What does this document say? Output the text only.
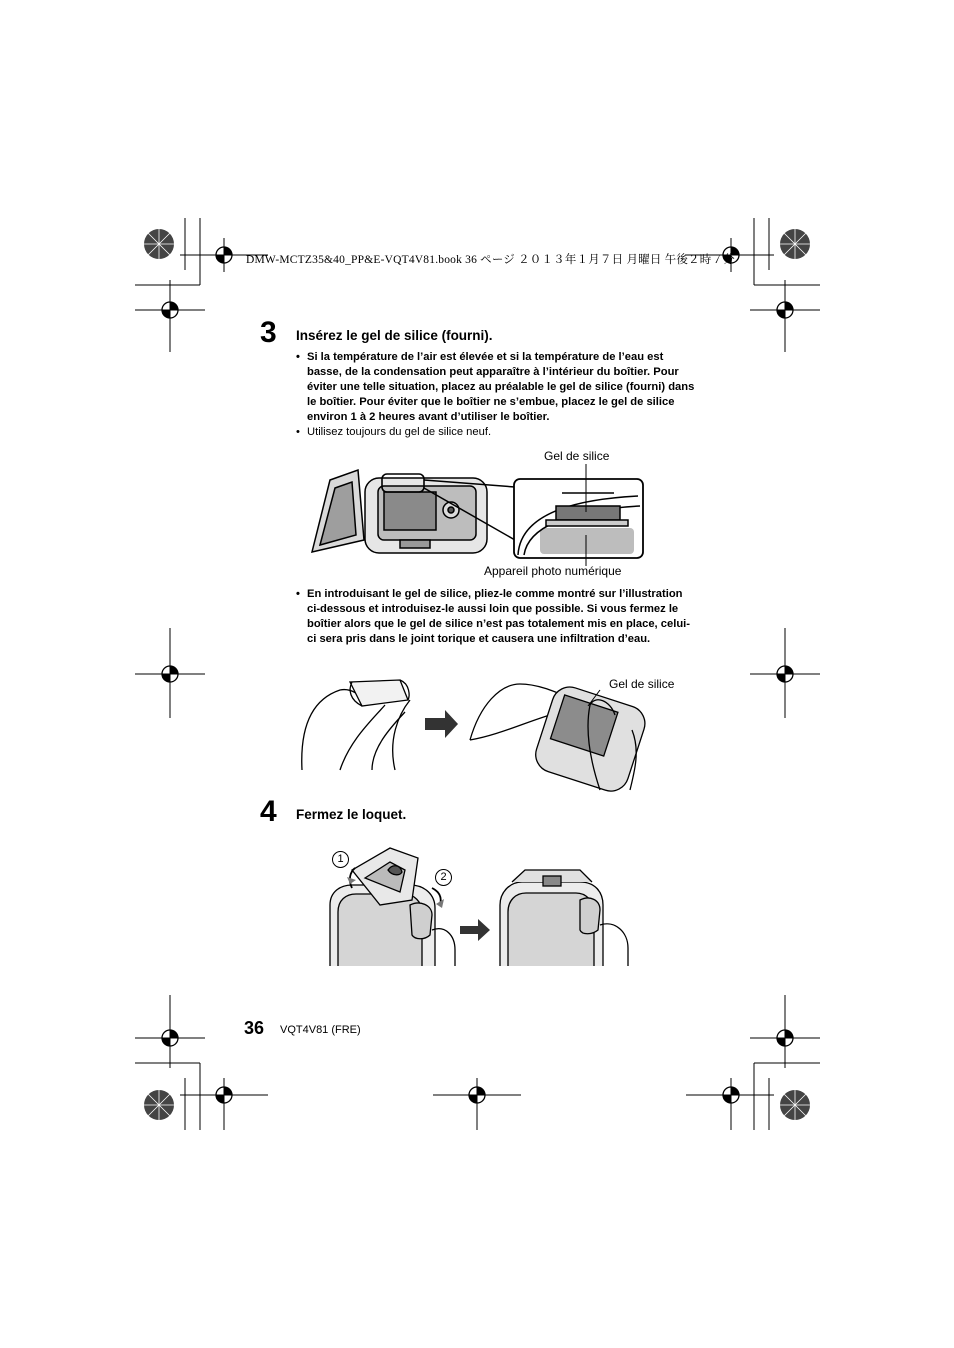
DMW-MCTZ35&40_PP&E-VQT4V81.book 36 ページ ２０１３年１月７日 月曜日 午後２時７分
3 Insérez le gel de silice (fourni).
• Si la température de l’air est élevée et si la température de l’eau est basse, de la condensation peut apparaître à l’intérieur du boîtier. Pour éviter une telle situation, placez au préalable le gel de silice (fourni) dans le boîtier. Pour éviter que le boîtier ne s’embue, placez le gel de silice environ 1 à 2 heures avant d’utiliser le boîtier.
• Utilisez toujours du gel de silice neuf.
Gel de silice
Appareil photo numérique
• En introduisant le gel de silice, pliez-le comme montré sur l’illustration ci-dessous et introduisez-le aussi loin que possible. Si vous fermez le boîtier alors que le gel de silice n’est pas totalement mis en place, celui-ci sera pris dans le joint torique et causera une infiltration d’eau.
Gel de silice
4 Fermez le loquet.
1
2
36 VQT4V81 (FRE)
